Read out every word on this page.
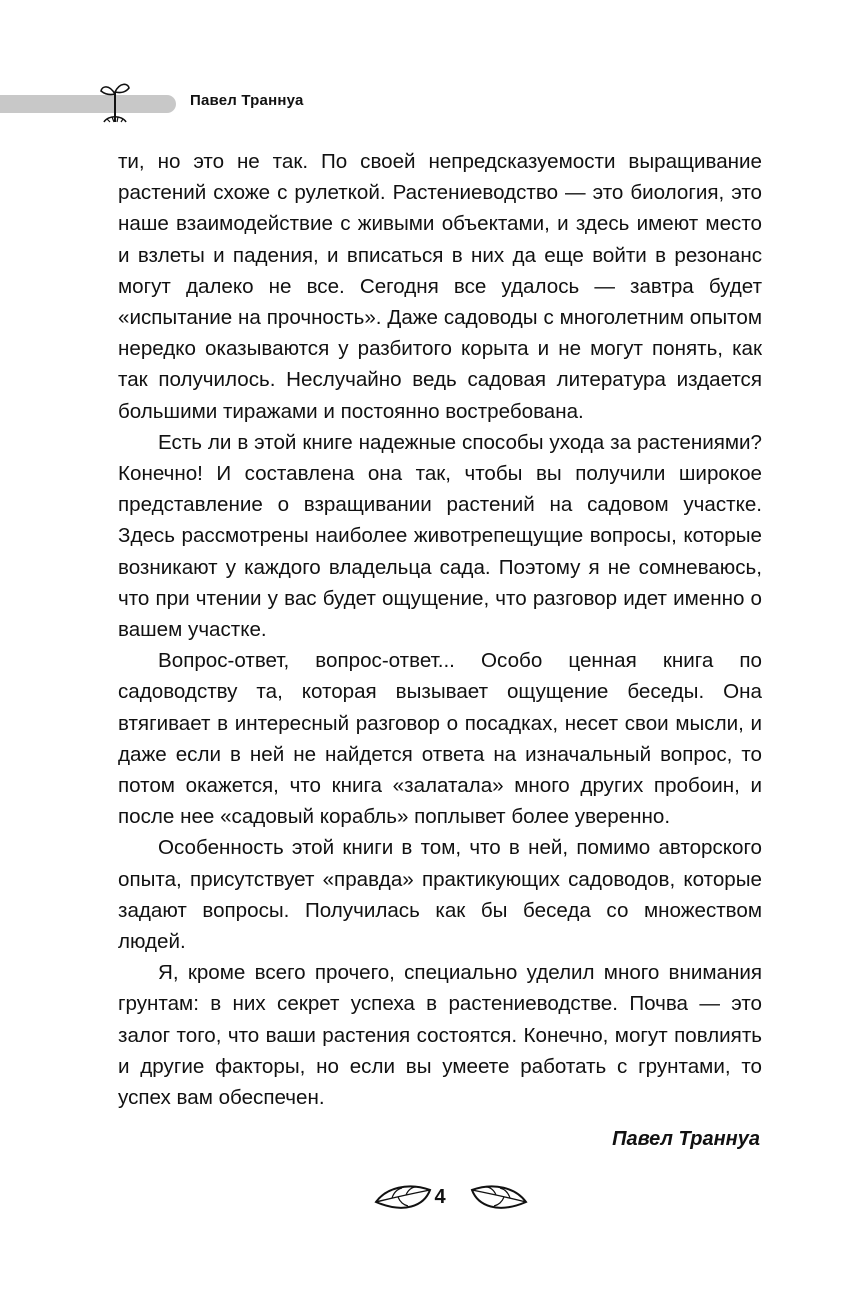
Павел Траннуа

ти, но это не так. По своей непредсказуемости выращивание растений схоже с рулеткой. Растениеводство — это биология, это наше взаимодействие с живыми объектами, и здесь имеют место и взлеты и падения, и вписаться в них да еще войти в резонанс могут далеко не все. Сегодня все удалось — завтра будет «испытание на прочность». Даже садоводы с многолетним опытом нередко оказываются у разбитого корыта и не могут понять, как так получилось. Неслучайно ведь садовая литература издается большими тиражами и постоянно востребована.

Есть ли в этой книге надежные способы ухода за растениями? Конечно! И составлена она так, чтобы вы получили широкое представление о взращивании растений на садовом участке. Здесь рассмотрены наиболее животрепещущие вопросы, которые возникают у каждого владельца сада. Поэтому я не сомневаюсь, что при чтении у вас будет ощущение, что разговор идет именно о вашем участке.

Вопрос-ответ, вопрос-ответ... Особо ценная книга по садоводству та, которая вызывает ощущение беседы. Она втягивает в интересный разговор о посадках, несет свои мысли, и даже если в ней не найдется ответа на изначальный вопрос, то потом окажется, что книга «залатала» много других пробоин, и после нее «садовый корабль» поплывет более уверенно.

Особенность этой книги в том, что в ней, помимо авторского опыта, присутствует «правда» практикующих садоводов, которые задают вопросы. Получилась как бы беседа со множеством людей.

Я, кроме всего прочего, специально уделил много внимания грунтам: в них секрет успеха в растениеводстве. Почва — это залог того, что ваши растения состоятся. Конечно, могут повлиять и другие факторы, но если вы умеете работать с грунтами, то успех вам обеспечен.

Павел Траннуа
4
